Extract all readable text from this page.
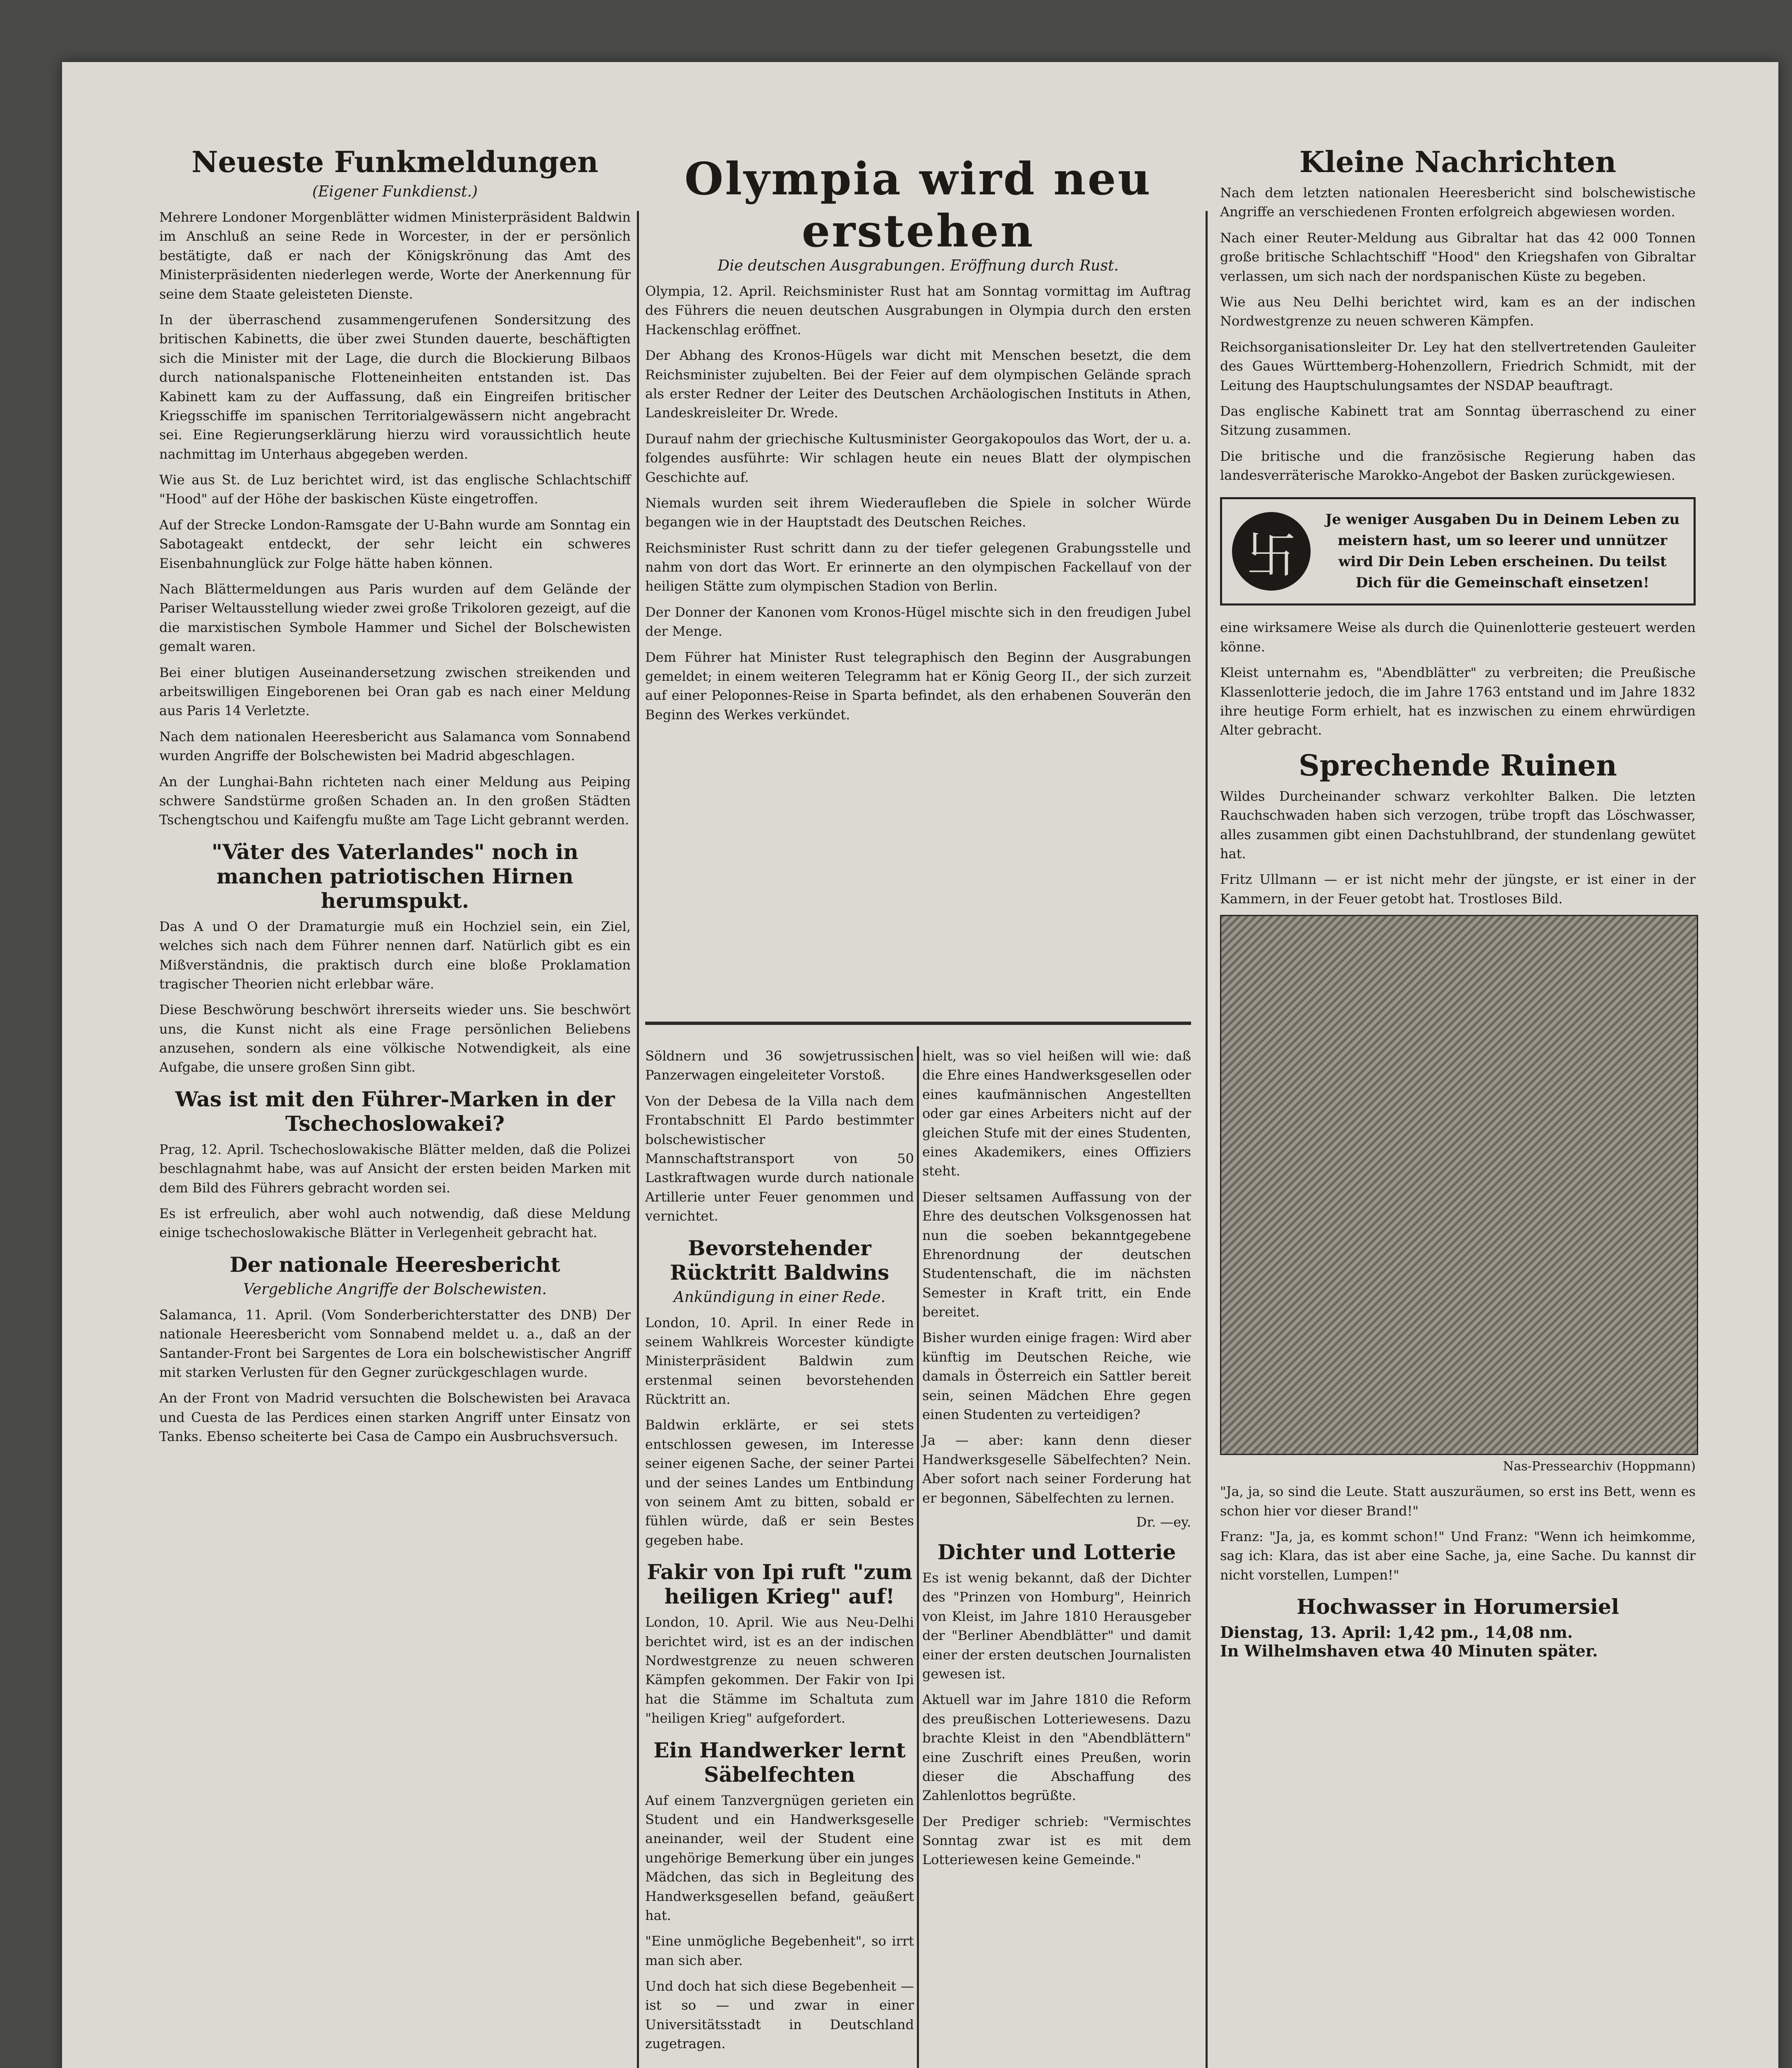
Neueste Funkmeldungen
(Eigener Funkdienst.)

Mehrere Londoner Morgenblätter widmen Ministerpräsident Baldwin im Anschluß an seine Rede in Worcester, in der er persönlich bestätigte, daß er nach der Königskrönung das Amt des Ministerpräsidenten niederlegen werde, Worte der Anerkennung für seine dem Staate geleisteten Dienste.

In der überraschend zusammengerufenen Sondersitzung des britischen Kabinetts, die über zwei Stunden dauerte, beschäftigten sich die Minister mit der Lage, die durch die Blockierung Bilbaos durch nationalspanische Flotteneinheiten entstanden ist. Das Kabinett kam zu der Auffassung, daß ein Eingreifen britischer Kriegsschiffe im spanischen Territorialgewässern nicht angebracht sei. Eine Regierungserklärung hierzu wird voraussichtlich heute nachmittag im Unterhaus abgegeben werden.

Wie aus St. de Luz berichtet wird, ist das englische Schlachtschiff "Hood" auf der Höhe der baskischen Küste eingetroffen.

Auf der Strecke London-Ramsgate der U-Bahn wurde am Sonntag ein Sabotageakt entdeckt, der sehr leicht ein schweres Eisenbahnunglück zur Folge hätte haben können.

Nach Blättermeldungen aus Paris wurden auf dem Gelände der Pariser Weltausstellung wieder zwei große Trikoloren gezeigt, auf die die marxistischen Symbole Hammer und Sichel der Bolschewisten gemalt waren.

Bei einer blutigen Auseinandersetzung zwischen streikenden und arbeitswilligen Eingeborenen bei Oran gab es nach einer Meldung aus Paris 14 Verletzte.

Nach dem nationalen Heeresbericht aus Salamanca vom Sonnabend wurden Angriffe der Bolschewisten bei Madrid abgeschlagen.

An der Lunghai-Bahn richteten nach einer Meldung aus Peiping schwere Sandstürme großen Schaden an. In den großen Städten Tschengtschou und Kaifengfu mußte am Tage Licht gebrannt werden.

"Väter des Vaterlandes" noch in manchen patriotischen Hirnen herumspukt.

Das A und O der Dramaturgie muß ein Hochziel sein, ein Ziel, welches sich nach dem Führer nennen darf. Natürlich gibt es ein Mißverständnis, die praktisch durch eine bloße Proklamation tragischer Theorien nicht erlebbar wäre.

Diese Beschwörung beschwört ihrerseits wieder uns. Sie beschwört uns, die Kunst nicht als eine Frage persönlichen Beliebens anzusehen, sondern als eine völkische Notwendigkeit, als eine Aufgabe, die unsere großen Sinn gibt.

Was ist mit den Führer-Marken in der Tschechoslowakei?

Prag, 12. April. Tschechoslowakische Blätter melden, daß die Polizei beschlagnahmt habe, was auf Ansicht der ersten beiden Marken mit dem Bild des Führers gebracht worden sei.

Es ist erfreulich, aber wohl auch notwendig, daß diese Meldung einige tschechoslowakische Blätter in Verlegenheit gebracht hat.

Der nationale Heeresbericht
Vergebliche Angriffe der Bolschewisten.

Salamanca, 11. April. (Vom Sonderberichterstatter des DNB) Der nationale Heeresbericht vom Sonnabend meldet u. a., daß an der Santander-Front bei Sargentes de Lora ein bolschewistischer Angriff mit starken Verlusten für den Gegner zurückgeschlagen wurde.

An der Front von Madrid versuchten die Bolschewisten bei Aravaca und Cuesta de las Perdices einen starken Angriff unter Einsatz von Tanks. Ebenso scheiterte bei Casa de Campo ein Ausbruchsversuch.

Olympia wird neu erstehen
Die deutschen Ausgrabungen. Eröffnung durch Rust.

Olympia, 12. April. Reichsminister Rust hat am Sonntag vormittag im Auftrag des Führers die neuen deutschen Ausgrabungen in Olympia durch den ersten Hackenschlag eröffnet.

Der Abhang des Kronos-Hügels war dicht mit Menschen besetzt, die dem Reichsminister zujubelten. Bei der Feier auf dem olympischen Gelände sprach als erster Redner der Leiter des Deutschen Archäologischen Instituts in Athen, Landeskreisleiter Dr. Wrede.

Durauf nahm der griechische Kultusminister Georgakopoulos das Wort, der u. a. folgendes ausführte: Wir schlagen heute ein neues Blatt der olympischen Geschichte auf.

Niemals wurden seit ihrem Wiederaufleben die Spiele in solcher Würde begangen wie in der Hauptstadt des Deutschen Reiches.

Reichsminister Rust schritt dann zu der tiefer gelegenen Grabungsstelle und nahm von dort das Wort. Er erinnerte an den olympischen Fackellauf von der heiligen Stätte zum olympischen Stadion von Berlin.

Der Donner der Kanonen vom Kronos-Hügel mischte sich in den freudigen Jubel der Menge.

Dem Führer hat Minister Rust telegraphisch den Beginn der Ausgrabungen gemeldet; in einem weiteren Telegramm hat er König Georg II., der sich zurzeit auf einer Peloponnes-Reise in Sparta befindet, als den erhabenen Souverän den Beginn des Werkes verkündet.

Söldnern und 36 sowjetrussischen Panzerwagen eingeleiteter Vorstoß.

Von der Debesa de la Villa nach dem Frontabschnitt El Pardo bestimmter bolschewistischer Mannschaftstransport von 50 Lastkraftwagen wurde durch nationale Artillerie unter Feuer genommen und vernichtet.

Bevorstehender Rücktritt Baldwins
Ankündigung in einer Rede.

London, 10. April. In einer Rede in seinem Wahlkreis Worcester kündigte Ministerpräsident Baldwin zum erstenmal seinen bevorstehenden Rücktritt an.

Baldwin erklärte, er sei stets entschlossen gewesen, im Interesse seiner eigenen Sache, der seiner Partei und der seines Landes um Entbindung von seinem Amt zu bitten, sobald er fühlen würde, daß er sein Bestes gegeben habe.

Fakir von Ipi ruft "zum heiligen Krieg" auf!

London, 10. April. Wie aus Neu-Delhi berichtet wird, ist es an der indischen Nordwestgrenze zu neuen schweren Kämpfen gekommen. Der Fakir von Ipi hat die Stämme im Schaltuta zum "heiligen Krieg" aufgefordert.

Ein Handwerker lernt Säbelfechten

Auf einem Tanzvergnügen gerieten ein Student und ein Handwerksgeselle aneinander, weil der Student eine ungehörige Bemerkung über ein junges Mädchen, das sich in Begleitung des Handwerksgesellen befand, geäußert hat.

"Eine unmögliche Begebenheit", so irrt man sich aber.

Und doch hat sich diese Begebenheit — ist so — und zwar in einer Universitätsstadt in Deutschland zugetragen.

hielt, was so viel heißen will wie: daß die Ehre eines Handwerksgesellen oder eines kaufmännischen Angestellten oder gar eines Arbeiters nicht auf der gleichen Stufe mit der eines Studenten, eines Akademikers, eines Offiziers steht.

Dieser seltsamen Auffassung von der Ehre des deutschen Volksgenossen hat nun die soeben bekanntgegebene Ehrenordnung der deutschen Studentenschaft, die im nächsten Semester in Kraft tritt, ein Ende bereitet.

Bisher wurden einige fragen: Wird aber künftig im Deutschen Reiche, wie damals in Österreich ein Sattler bereit sein, seinen Mädchen Ehre gegen einen Studenten zu verteidigen?

Ja — aber: kann denn dieser Handwerksgeselle Säbelfechten? Nein. Aber sofort nach seiner Forderung hat er begonnen, Säbelfechten zu lernen.

Dr. —ey.
Dichter und Lotterie

Es ist wenig bekannt, daß der Dichter des "Prinzen von Homburg", Heinrich von Kleist, im Jahre 1810 Herausgeber der "Berliner Abendblätter" und damit einer der ersten deutschen Journalisten gewesen ist.

Aktuell war im Jahre 1810 die Reform des preußischen Lotteriewesens. Dazu brachte Kleist in den "Abendblättern" eine Zuschrift eines Preußen, worin dieser die Abschaffung des Zahlenlottos begrüßte.

Der Prediger schrieb: "Vermischtes Sonntag zwar ist es mit dem Lotteriewesen keine Gemeinde."

Kleine Nachrichten

Nach dem letzten nationalen Heeresbericht sind bolschewistische Angriffe an verschiedenen Fronten erfolgreich abgewiesen worden.

Nach einer Reuter-Meldung aus Gibraltar hat das 42 000 Tonnen große britische Schlachtschiff "Hood" den Kriegshafen von Gibraltar verlassen, um sich nach der nordspanischen Küste zu begeben.

Wie aus Neu Delhi berichtet wird, kam es an der indischen Nordwestgrenze zu neuen schweren Kämpfen.

Reichsorganisationsleiter Dr. Ley hat den stellvertretenden Gauleiter des Gaues Württemberg-Hohenzollern, Friedrich Schmidt, mit der Leitung des Hauptschulungsamtes der NSDAP beauftragt.

Das englische Kabinett trat am Sonntag überraschend zu einer Sitzung zusammen.

Die britische und die französische Regierung haben das landesverräterische Marokko-Angebot der Basken zurückgewiesen.

卐
Je weniger Ausgaben Du in Deinem Leben zu meistern hast, um so leerer und unnützer wird Dir Dein Leben erscheinen. Du teilst Dich für die Gemeinschaft einsetzen!

eine wirksamere Weise als durch die Quinenlotterie gesteuert werden könne.

Kleist unternahm es, "Abendblätter" zu verbreiten; die Preußische Klassenlotterie jedoch, die im Jahre 1763 entstand und im Jahre 1832 ihre heutige Form erhielt, hat es inzwischen zu einem ehrwürdigen Alter gebracht.

Sprechende Ruinen

Wildes Durcheinander schwarz verkohlter Balken. Die letzten Rauchschwaden haben sich verzogen, trübe tropft das Löschwasser, alles zusammen gibt einen Dachstuhlbrand, der stundenlang gewütet hat.

Fritz Ullmann — er ist nicht mehr der jüngste, er ist einer in der Kammern, in der Feuer getobt hat. Trostloses Bild.

Nas-Pressearchiv (Hoppmann)

"Ja, ja, so sind die Leute. Statt auszuräumen, so erst ins Bett, wenn es schon hier vor dieser Brand!"

Franz: "Ja, ja, es kommt schon!" Und Franz: "Wenn ich heimkomme, sag ich: Klara, das ist aber eine Sache, ja, eine Sache. Du kannst dir nicht vorstellen, Lumpen!"

Hochwasser in Horumersiel
Dienstag, 13. April: 1,42 pm., 14,08 nm.
In Wilhelmshaven etwa 40 Minuten später.
